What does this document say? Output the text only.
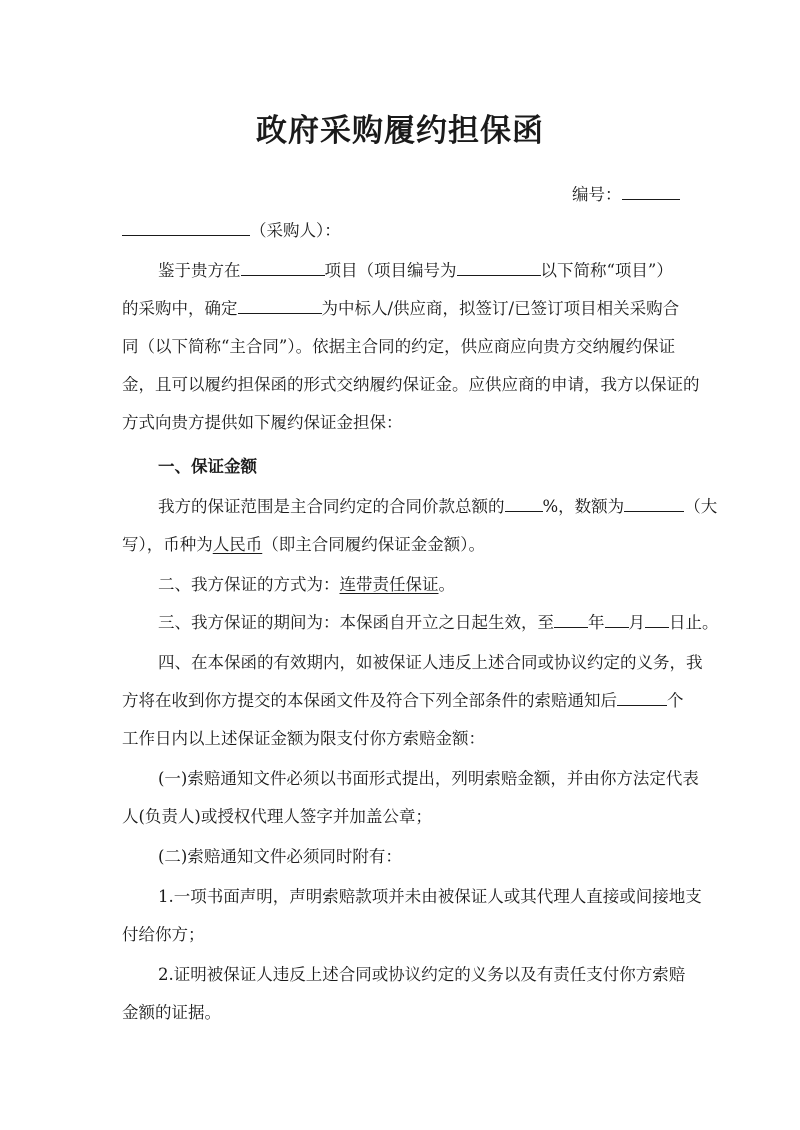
政府采购履约担保函
编号：
（采购人）：
鉴于贵方在	项目（项目编号为	以下简称“项目”）
的采购中，确定	为中标人/供应商，拟签订/已签订项目相关采购合
同（以下简称“主合同”）。依据主合同的约定，供应商应向贵方交纳履约保证
金，且可以履约担保函的形式交纳履约保证金。应供应商的申请，我方以保证的
方式向贵方提供如下履约保证金担保：
一、保证金额
我方的保证范围是主合同约定的合同价款总额的 %，数额为	（大
写），币种为人民币（即主合同履约保证金金额）。
二、我方保证的方式为：连带责任保证。
三、我方保证的期间为：本保函自开立之日起生效，至 年 月 日止。
四、在本保函的有效期内，如被保证人违反上述合同或协议约定的义务，我
方将在收到你方提交的本保函文件及符合下列全部条件的索赔通知后	个
工作日内以上述保证金额为限支付你方索赔金额：
(一)索赔通知文件必须以书面形式提出，列明索赔金额，并由你方法定代表
人(负责人)或授权代理人签字并加盖公章；
(二)索赔通知文件必须同时附有：
1.一项书面声明，声明索赔款项并未由被保证人或其代理人直接或间接地支
付给你方；
2.证明被保证人违反上述合同或协议约定的义务以及有责任支付你方索赔
金额的证据。
